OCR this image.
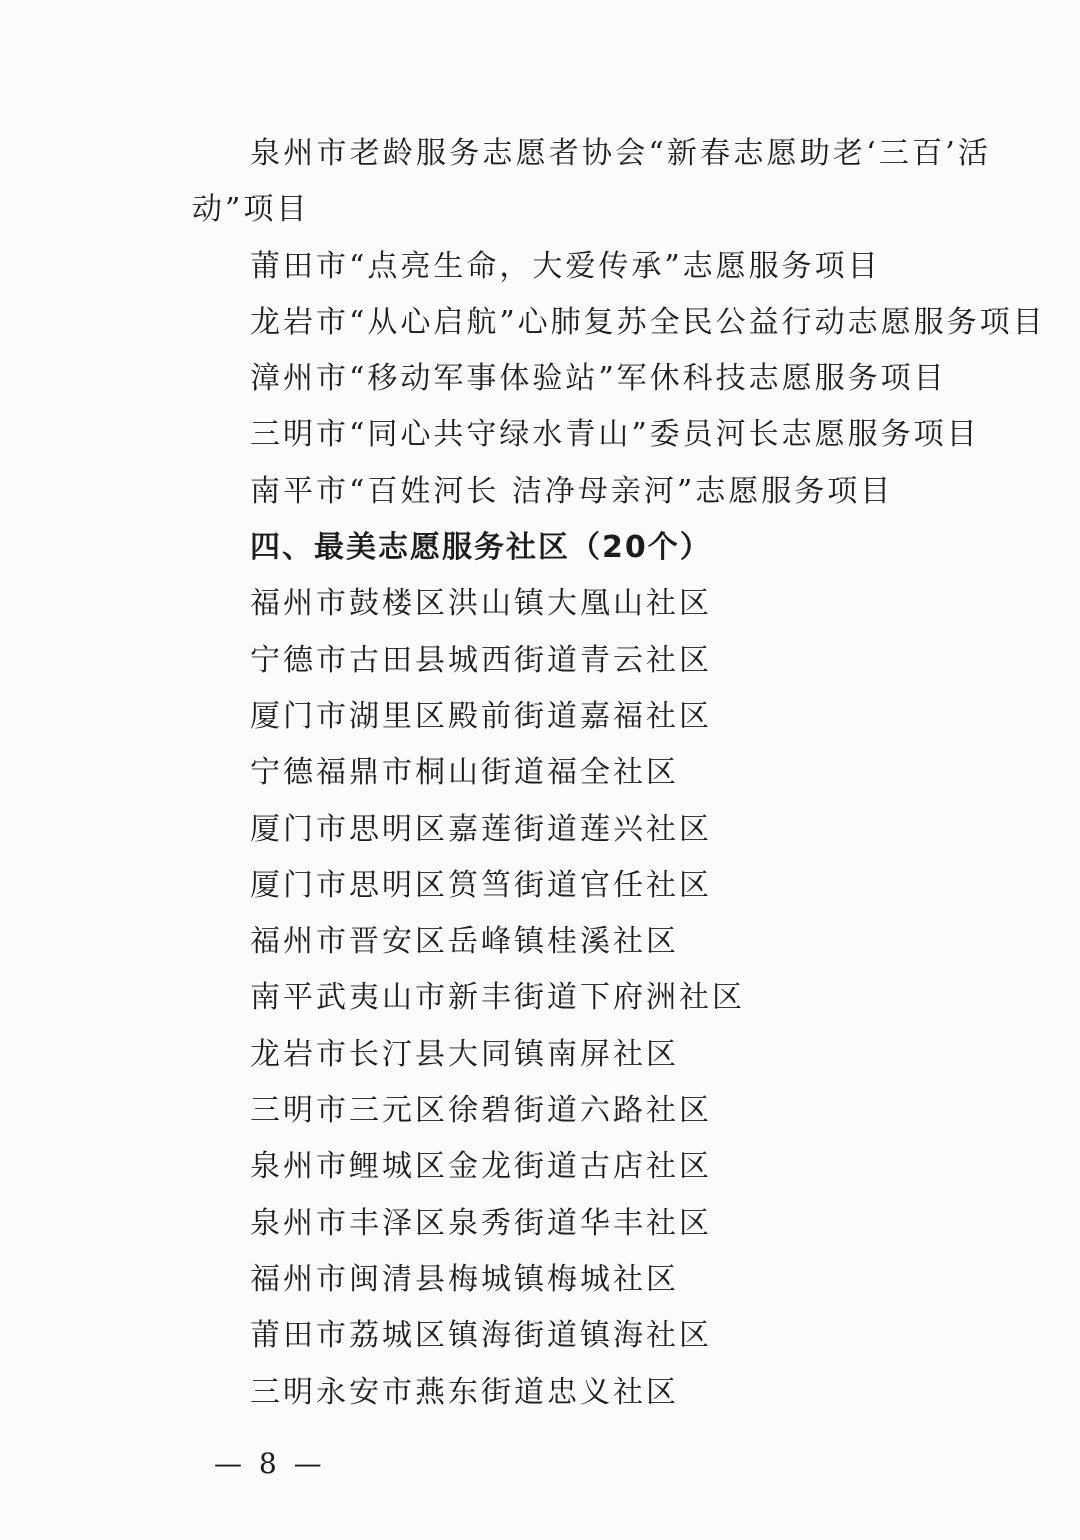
泉州市老龄服务志愿者协会“新春志愿助老‘三百’活
动”项目
莆田市“点亮生命，大爱传承”志愿服务项目
龙岩市“从心启航”心肺复苏全民公益行动志愿服务项目
漳州市“移动军事体验站”军休科技志愿服务项目
三明市“同心共守绿水青山”委员河长志愿服务项目
南平市“百姓河长 洁净母亲河”志愿服务项目
四、最美志愿服务社区（20个）
福州市鼓楼区洪山镇大凰山社区
宁德市古田县城西街道青云社区
厦门市湖里区殿前街道嘉福社区
宁德福鼎市桐山街道福全社区
厦门市思明区嘉莲街道莲兴社区
厦门市思明区筼筜街道官任社区
福州市晋安区岳峰镇桂溪社区
南平武夷山市新丰街道下府洲社区
龙岩市长汀县大同镇南屏社区
三明市三元区徐碧街道六路社区
泉州市鲤城区金龙街道古店社区
泉州市丰泽区泉秀街道华丰社区
福州市闽清县梅城镇梅城社区
莆田市荔城区镇海街道镇海社区
三明永安市燕东街道忠义社区
— 8 —
